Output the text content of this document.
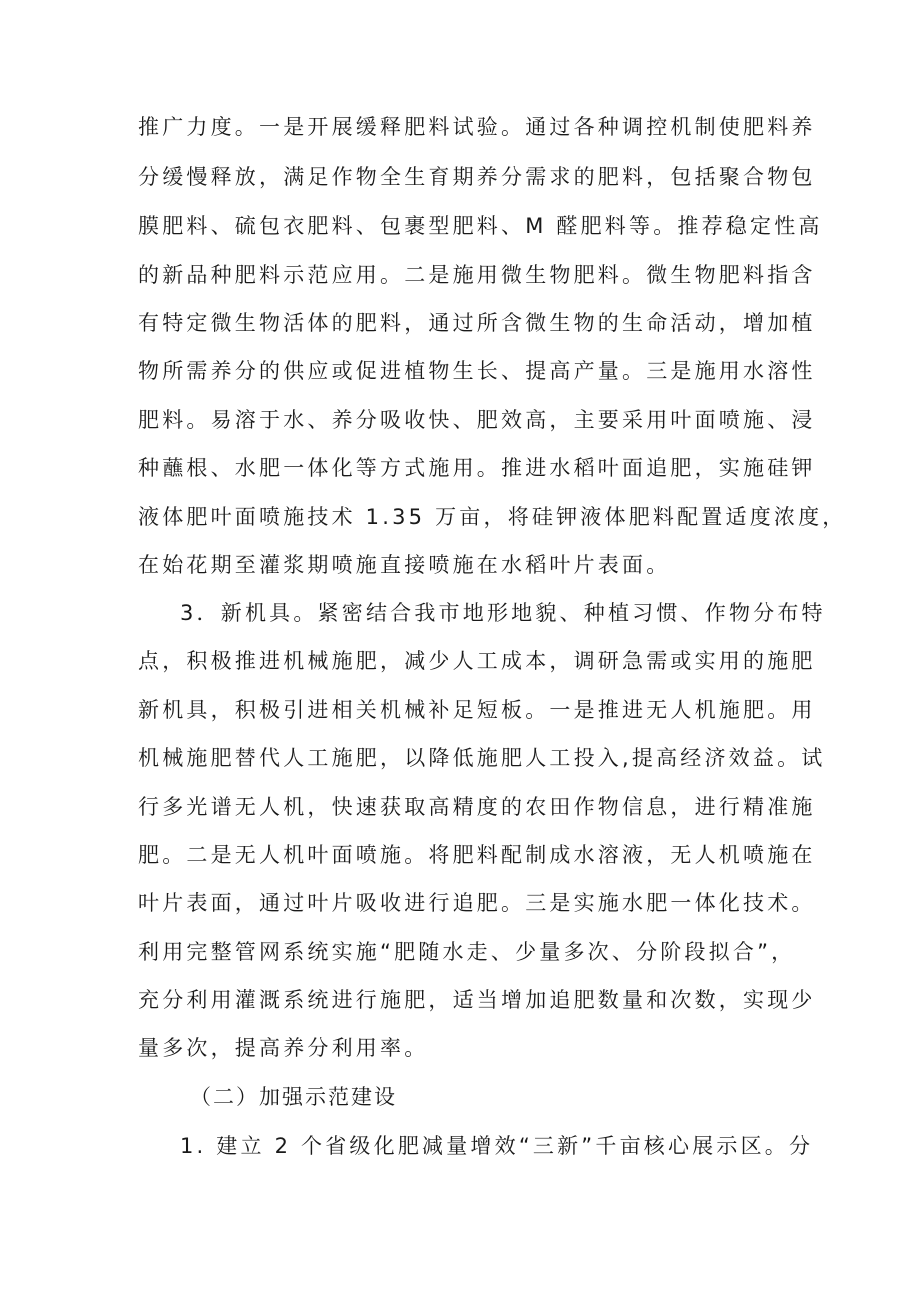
推广力度。一是开展缓释肥料试验。通过各种调控机制使肥料养
分缓慢释放，满足作物全生育期养分需求的肥料，包括聚合物包
膜肥料、硫包衣肥料、包裹型肥料、M 醛肥料等。推荐稳定性高
的新品种肥料示范应用。二是施用微生物肥料。微生物肥料指含
有特定微生物活体的肥料，通过所含微生物的生命活动，增加植
物所需养分的供应或促进植物生长、提高产量。三是施用水溶性
肥料。易溶于水、养分吸收快、肥效高，主要采用叶面喷施、浸
种蘸根、水肥一体化等方式施用。推进水稻叶面追肥，实施硅钾
液体肥叶面喷施技术 1.35 万亩，将硅钾液体肥料配置适度浓度，
在始花期至灌浆期喷施直接喷施在水稻叶片表面。
3．新机具。紧密结合我市地形地貌、种植习惯、作物分布特
点，积极推进机械施肥，减少人工成本，调研急需或实用的施肥
新机具，积极引进相关机械补足短板。一是推进无人机施肥。用
机械施肥替代人工施肥，以降低施肥人工投入,提高经济效益。试
行多光谱无人机，快速获取高精度的农田作物信息，进行精准施
肥。二是无人机叶面喷施。将肥料配制成水溶液，无人机喷施在
叶片表面，通过叶片吸收进行追肥。三是实施水肥一体化技术。
利用完整管网系统实施“肥随水走、少量多次、分阶段拟合”，
充分利用灌溉系统进行施肥，适当增加追肥数量和次数，实现少
量多次，提高养分利用率。
（二）加强示范建设
1. 建立 2 个省级化肥减量增效“三新”千亩核心展示区。分
